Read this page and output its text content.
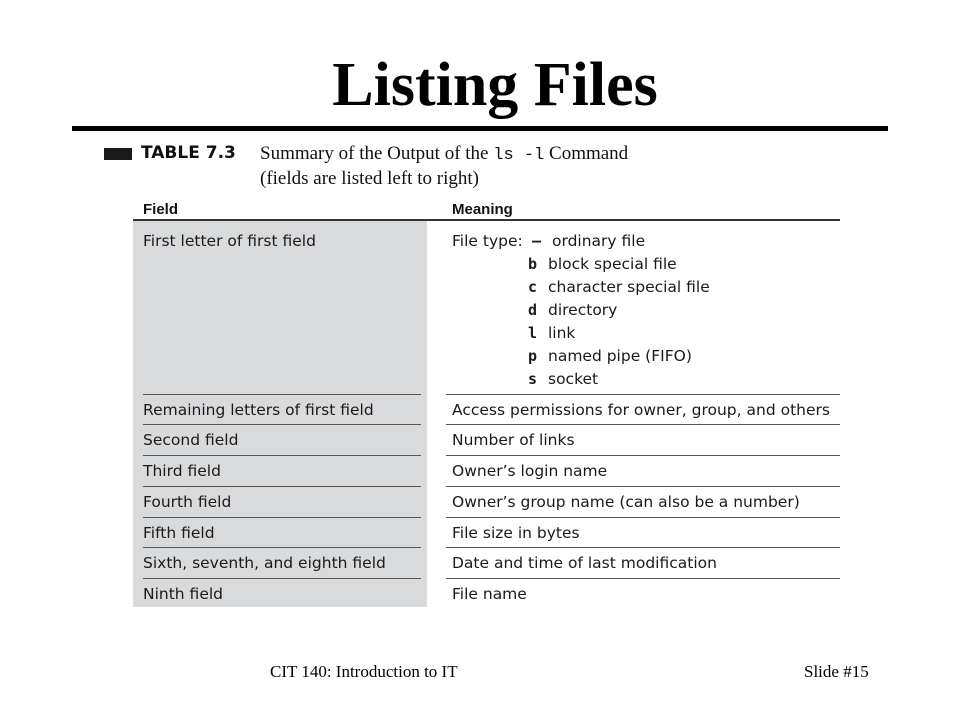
Listing Files
TABLE 7.3 Summary of the Output of the ls -l Command
(fields are listed left to right)
Field	Meaning
First letter of first field	File type: – ordinary file
b block special file
c character special file
d directory
l link
p named pipe (FIFO)
s socket
Remaining letters of first field	Access permissions for owner, group, and others
Second field	Number of links
Third field	Owner’s login name
Fourth field	Owner’s group name (can also be a number)
Fifth field	File size in bytes
Sixth, seventh, and eighth field	Date and time of last modification
Ninth field	File name
CIT 140: Introduction to IT	Slide #15
